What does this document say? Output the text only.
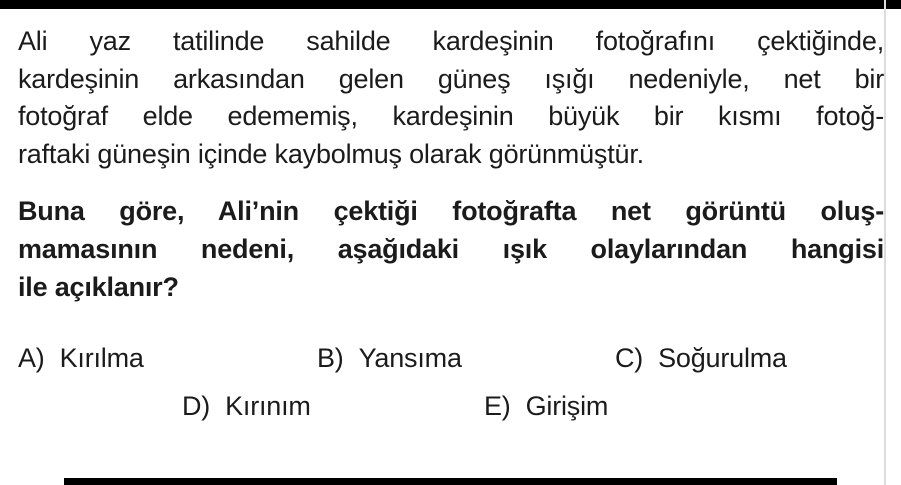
Ali yaz tatilinde sahilde kardeşinin fotoğrafını çektiğinde,
kardeşinin arkasından gelen güneş ışığı nedeniyle, net bir
fotoğraf elde edememiş, kardeşinin büyük bir kısmı fotoğ-
raftaki güneşin içinde kaybolmuş olarak görünmüştür.
Buna göre, Ali’nin çektiği fotoğrafta net görüntü oluş-
mamasının nedeni, aşağıdaki ışık olaylarından hangisi
ile açıklanır?
A) Kırılma	B) Yansıma	C) Soğurulma
D) Kırınım	E) Girişim
